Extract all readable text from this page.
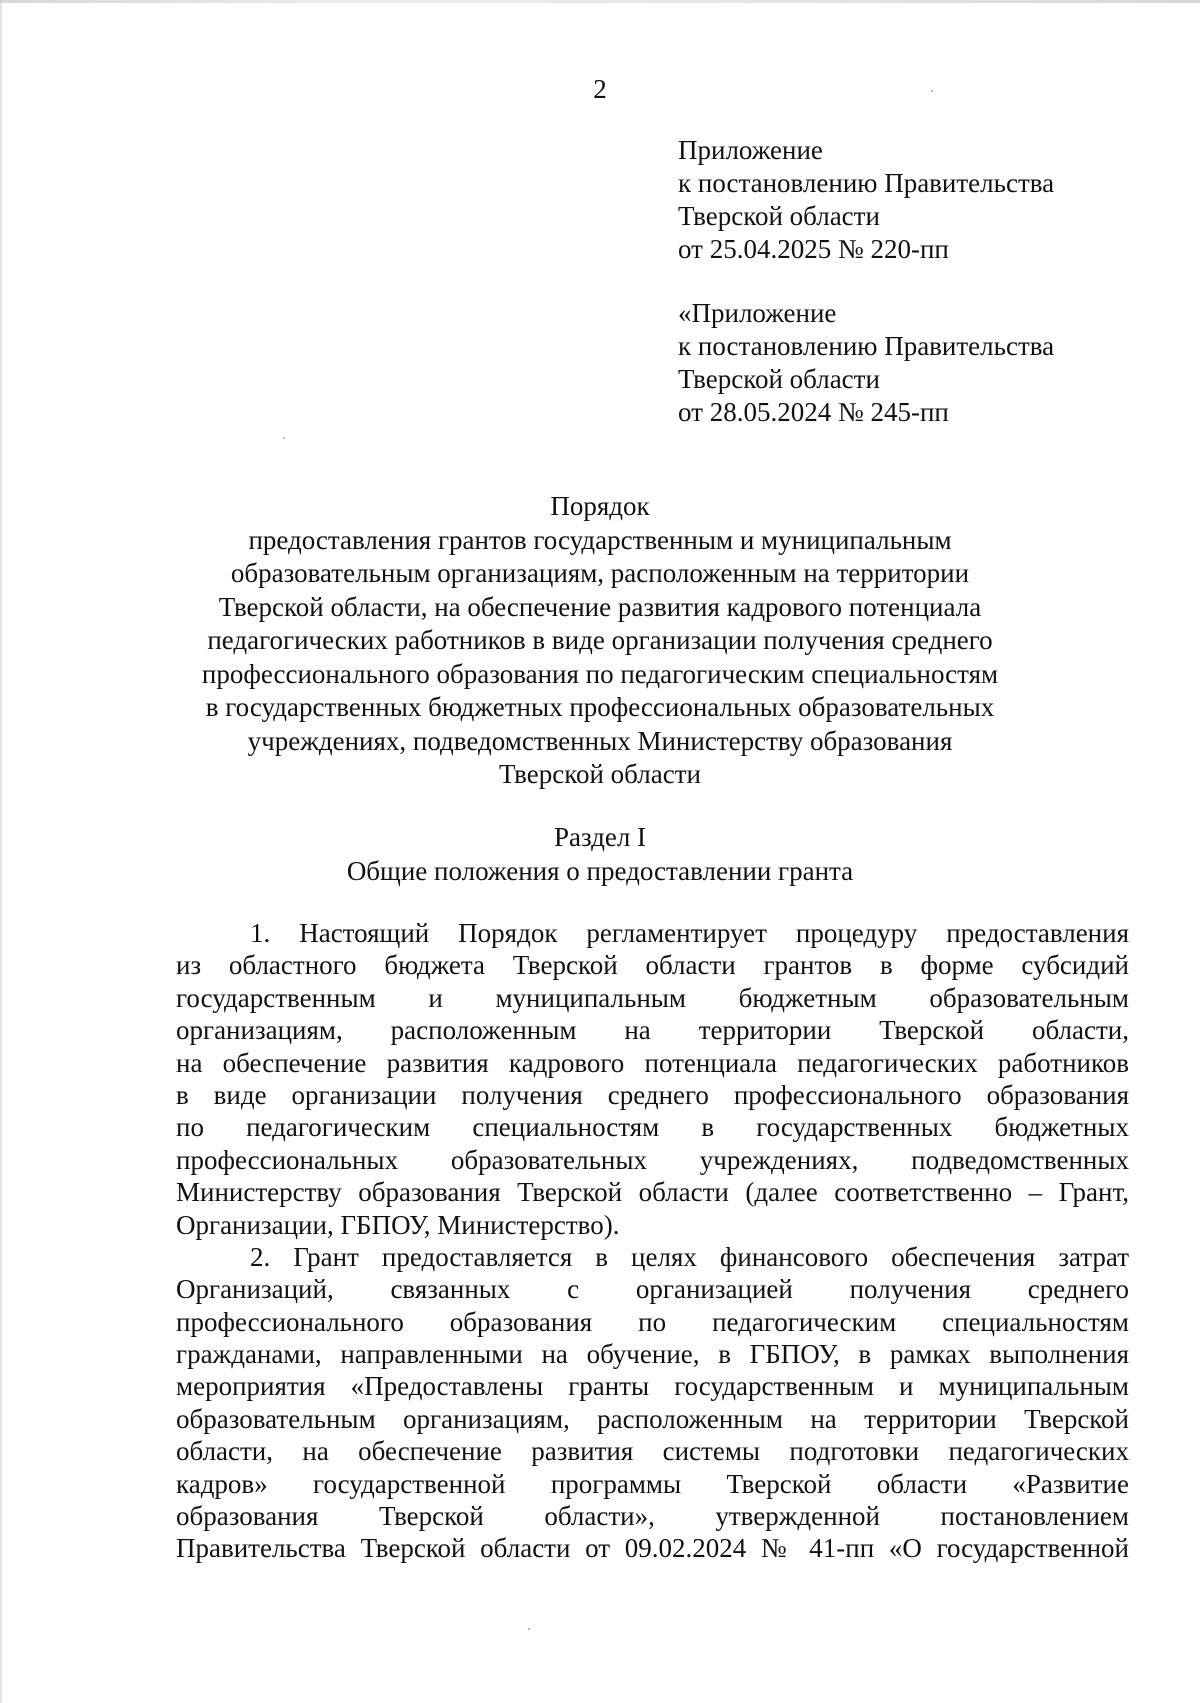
2
Приложение
к постановлению Правительства
Тверской области
от 25.04.2025 № 220-пп
«Приложение
к постановлению Правительства
Тверской области
от 28.05.2024 № 245-пп
Порядок
предоставления грантов государственным и муниципальным
образовательным организациям, расположенным на территории
Тверской области, на обеспечение развития кадрового потенциала
педагогических работников в виде организации получения среднего
профессионального образования по педагогическим специальностям
в государственных бюджетных профессиональных образовательных
учреждениях, подведомственных Министерству образования
Тверской области
Раздел I
Общие положения о предоставлении гранта
1. Настоящий Порядок регламентирует процедуру предоставления
из областного бюджета Тверской области грантов в форме субсидий
государственным и муниципальным бюджетным образовательным
организациям, расположенным на территории Тверской области,
на обеспечение развития кадрового потенциала педагогических работников
в виде организации получения среднего профессионального образования
по педагогическим специальностям в государственных бюджетных
профессиональных образовательных учреждениях, подведомственных
Министерству образования Тверской области (далее соответственно – Грант,
Организации, ГБПОУ, Министерство).
2. Грант предоставляется в целях финансового обеспечения затрат
Организаций, связанных с организацией получения среднего
профессионального образования по педагогическим специальностям
гражданами, направленными на обучение, в ГБПОУ, в рамках выполнения
мероприятия «Предоставлены гранты государственным и муниципальным
образовательным организациям, расположенным на территории Тверской
области, на обеспечение развития системы подготовки педагогических
кадров» государственной программы Тверской области «Развитие
образования Тверской области», утвержденной постановлением
Правительства Тверской области от 09.02.2024 № 41-пп «О государственной
